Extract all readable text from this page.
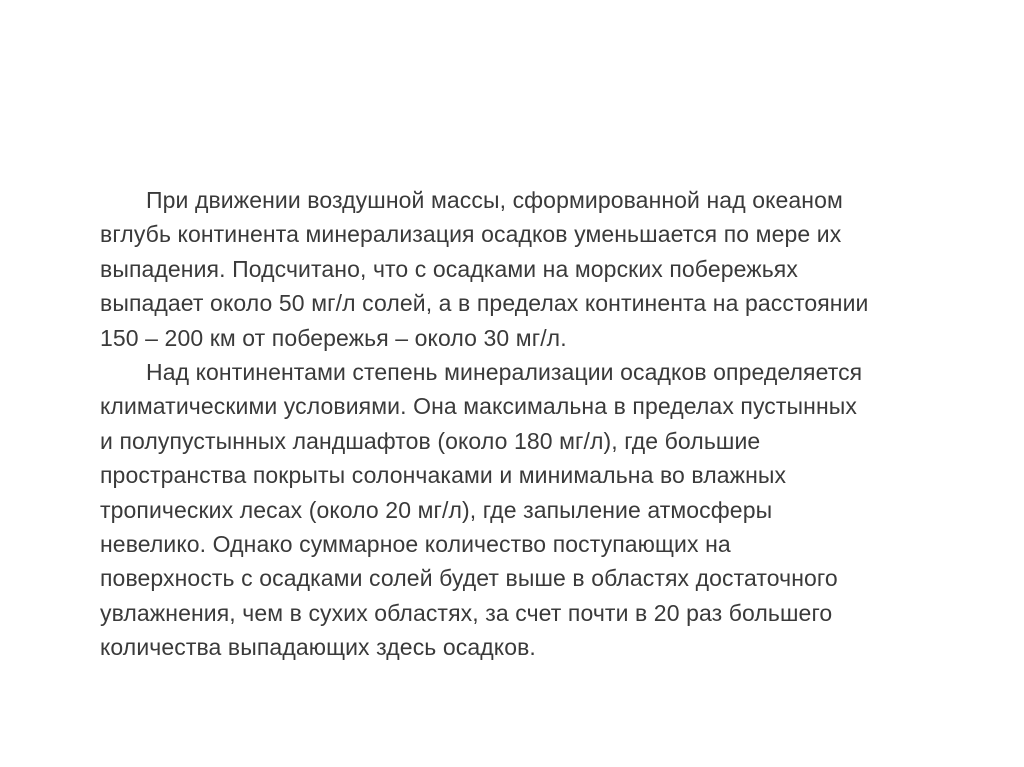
При движении воздушной массы, сформированной над океаном
вглубь континента минерализация осадков уменьшается по мере их
выпадения. Подсчитано, что с осадками на морских побережьях
выпадает около 50 мг/л солей, а в пределах континента на расстоянии
150 – 200 км от побережья – около 30 мг/л.

Над континентами степень минерализации осадков определяется
климатическими условиями. Она максимальна в пределах пустынных
и полупустынных ландшафтов (около 180 мг/л), где большие
пространства покрыты солончаками и минимальна во влажных
тропических лесах (около 20 мг/л), где запыление атмосферы
невелико. Однако суммарное количество поступающих на
поверхность с осадками солей будет выше в областях достаточного
увлажнения, чем в сухих областях, за счет почти в 20 раз большего
количества выпадающих здесь осадков.
